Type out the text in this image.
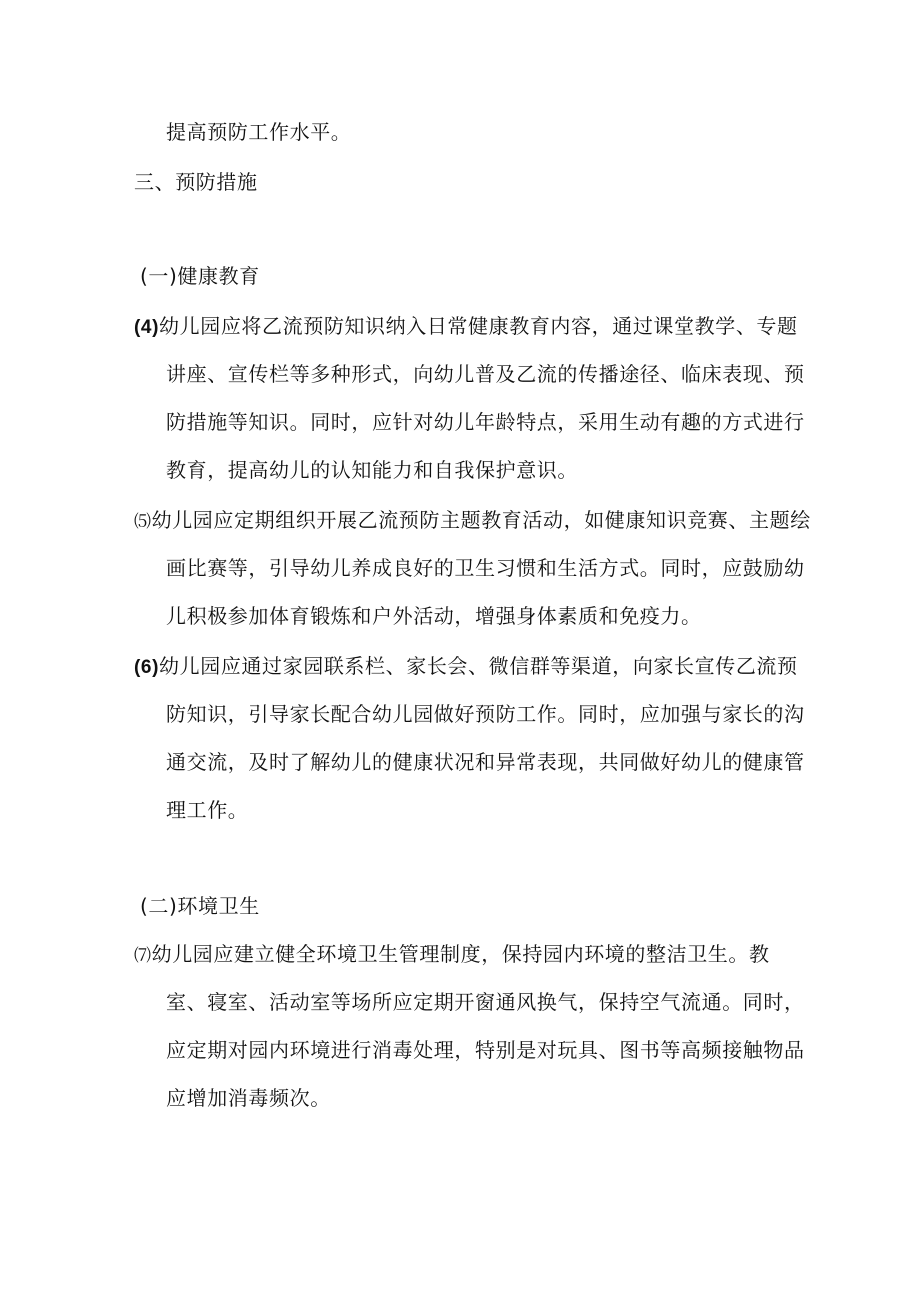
提高预防工作水平。
三、预防措施
(一)健康教育
(4)幼儿园应将乙流预防知识纳入日常健康教育内容，通过课堂教学、专题
讲座、宣传栏等多种形式，向幼儿普及乙流的传播途径、临床表现、预
防措施等知识。同时，应针对幼儿年龄特点，采用生动有趣的方式进行
教育，提高幼儿的认知能力和自我保护意识。
⑸幼儿园应定期组织开展乙流预防主题教育活动，如健康知识竞赛、主题绘
画比赛等，引导幼儿养成良好的卫生习惯和生活方式。同时，应鼓励幼
儿积极参加体育锻炼和户外活动，增强身体素质和免疫力。
(6)幼儿园应通过家园联系栏、家长会、微信群等渠道，向家长宣传乙流预
防知识，引导家长配合幼儿园做好预防工作。同时，应加强与家长的沟
通交流，及时了解幼儿的健康状况和异常表现，共同做好幼儿的健康管
理工作。
(二)环境卫生
⑺幼儿园应建立健全环境卫生管理制度，保持园内环境的整洁卫生。教
室、寝室、活动室等场所应定期开窗通风换气，保持空气流通。同时，
应定期对园内环境进行消毒处理，特别是对玩具、图书等高频接触物品
应增加消毒频次。
